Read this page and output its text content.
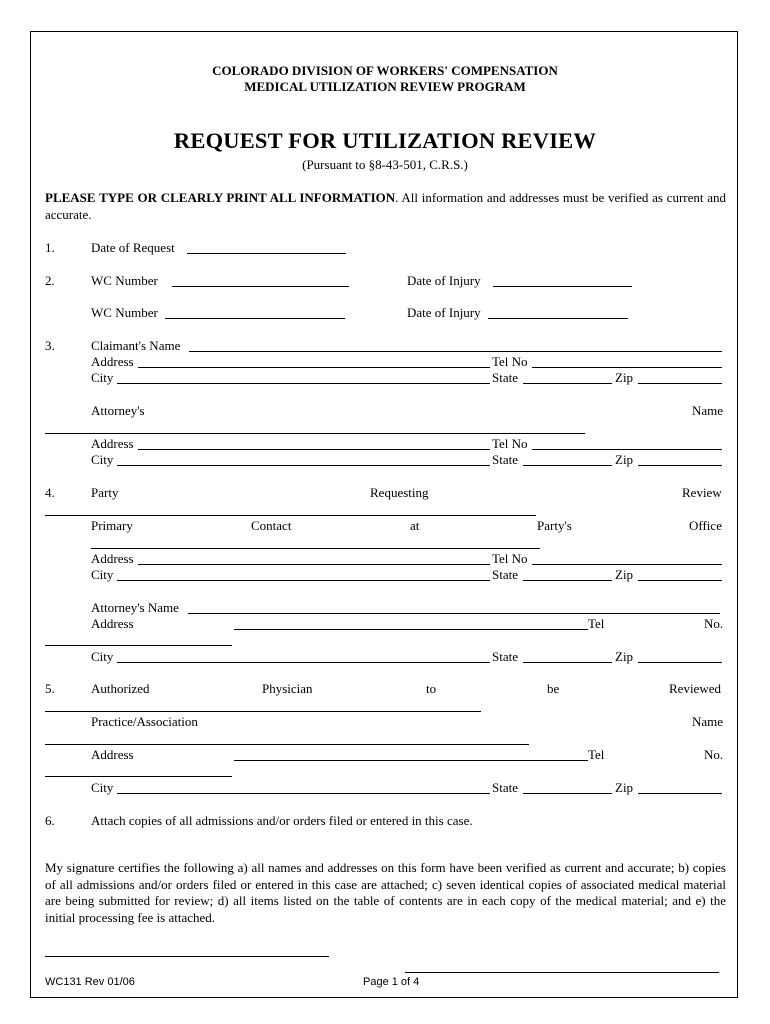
COLORADO DIVISION OF WORKERS' COMPENSATION
MEDICAL UTILIZATION REVIEW PROGRAM
REQUEST FOR UTILIZATION REVIEW
(Pursuant to §8-43-501, C.R.S.)
PLEASE TYPE OR CLEARLY PRINT ALL INFORMATION. All information and addresses must be verified as current and accurate.
1.	Date of Request
2.	WC Number	Date of Injury
WC Number	Date of Injury
3.	Claimant's Name
Address	Tel No
City	State	Zip
Attorney's	Name
Address	Tel No
City	State	Zip
4.	Party	Requesting	Review
Primary	Contact	at	Party's	Office
Address	Tel No
City	State	Zip
Attorney's Name
Address	Tel	No.
City	State	Zip
5.	Authorized	Physician	to	be	Reviewed
Practice/Association	Name
Address	Tel	No.
City	State	Zip
6.	Attach copies of all admissions and/or orders filed or entered in this case.
My signature certifies the following a) all names and addresses on this form have been verified as current and accurate; b) copies of all admissions and/or orders filed or entered in this case are attached; c) seven identical copies of associated medical material are being submitted for review; d) all items listed on the table of contents are in each copy of the medical material; and e) the initial processing fee is attached.
WC131 Rev 01/06	Page 1 of 4
